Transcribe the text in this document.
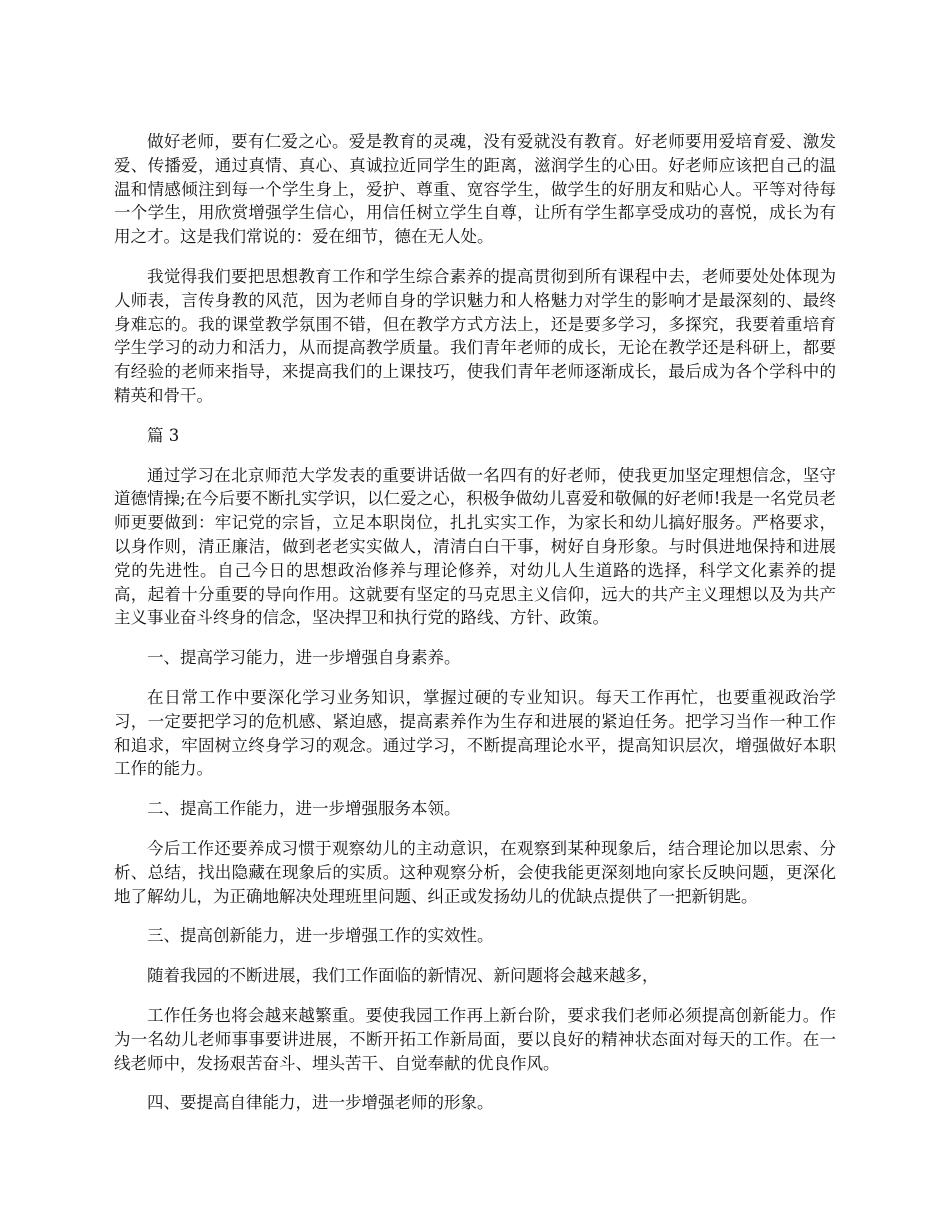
做好老师，要有仁爱之心。爱是教育的灵魂，没有爱就没有教育。好老师要用爱培育爱、激发爱、传播爱，通过真情、真心、真诚拉近同学生的距离，滋润学生的心田。好老师应该把自己的温温和情感倾注到每一个学生身上，爱护、尊重、宽容学生，做学生的好朋友和贴心人。平等对待每一个学生，用欣赏增强学生信心，用信任树立学生自尊，让所有学生都享受成功的喜悦，成长为有用之才。这是我们常说的：爱在细节，德在无人处。

我觉得我们要把思想教育工作和学生综合素养的提高贯彻到所有课程中去，老师要处处体现为人师表，言传身教的风范，因为老师自身的学识魅力和人格魅力对学生的影响才是最深刻的、最终身难忘的。我的课堂教学氛围不错，但在教学方式方法上，还是要多学习，多探究，我要着重培育学生学习的动力和活力，从而提高教学质量。我们青年老师的成长，无论在教学还是科研上，都要有经验的老师来指导，来提高我们的上课技巧，使我们青年老师逐渐成长，最后成为各个学科中的精英和骨干。

篇 3

通过学习在北京师范大学发表的重要讲话做一名四有的好老师，使我更加坚定理想信念，坚守道德情操;在今后要不断扎实学识，以仁爱之心，积极争做幼儿喜爱和敬佩的好老师!我是一名党员老师更要做到：牢记党的宗旨，立足本职岗位，扎扎实实工作，为家长和幼儿搞好服务。严格要求，以身作则，清正廉洁，做到老老实实做人，清清白白干事，树好自身形象。与时俱进地保持和进展党的先进性。自己今日的思想政治修养与理论修养，对幼儿人生道路的选择，科学文化素养的提高，起着十分重要的导向作用。这就要有坚定的马克思主义信仰，远大的共产主义理想以及为共产主义事业奋斗终身的信念，坚决捍卫和执行党的路线、方针、政策。

一、提高学习能力，进一步增强自身素养。

在日常工作中要深化学习业务知识，掌握过硬的专业知识。每天工作再忙，也要重视政治学习，一定要把学习的危机感、紧迫感，提高素养作为生存和进展的紧迫任务。把学习当作一种工作和追求，牢固树立终身学习的观念。通过学习，不断提高理论水平，提高知识层次，增强做好本职工作的能力。

二、提高工作能力，进一步增强服务本领。

今后工作还要养成习惯于观察幼儿的主动意识，在观察到某种现象后，结合理论加以思索、分析、总结，找出隐藏在现象后的实质。这种观察分析，会使我能更深刻地向家长反映问题，更深化地了解幼儿，为正确地解决处理班里问题、纠正或发扬幼儿的优缺点提供了一把新钥匙。

三、提高创新能力，进一步增强工作的实效性。

随着我园的不断进展，我们工作面临的新情况、新问题将会越来越多，

工作任务也将会越来越繁重。要使我园工作再上新台阶，要求我们老师必须提高创新能力。作为一名幼儿老师事事要讲进展，不断开拓工作新局面，要以良好的精神状态面对每天的工作。在一线老师中，发扬艰苦奋斗、埋头苦干、自觉奉献的优良作风。

四、要提高自律能力，进一步增强老师的形象。
